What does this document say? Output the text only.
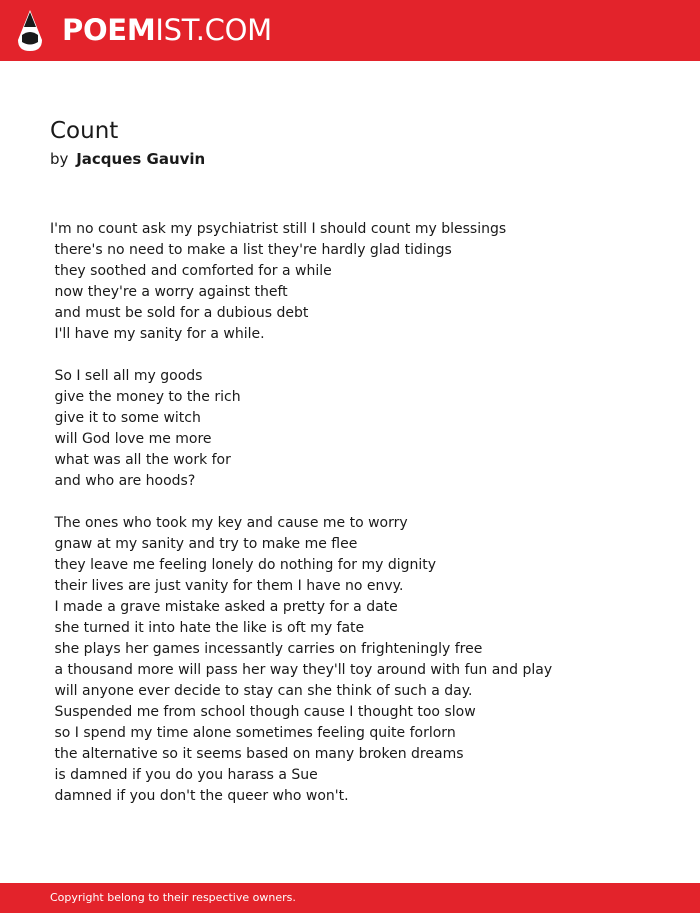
POEMIST.COM
Count
by Jacques Gauvin
I'm no count ask my psychiatrist still I should count my blessings
there's no need to make a list they're hardly glad tidings
they soothed and comforted for a while
now they're a worry against theft
and must be sold for a dubious debt
I'll have my sanity for a while.
So I sell all my goods
give the money to the rich
give it to some witch
will God love me more
what was all the work for
and who are hoods?
The ones who took my key and cause me to worry
gnaw at my sanity and try to make me flee
they leave me feeling lonely do nothing for my dignity
their lives are just vanity for them I have no envy.
I made a grave mistake asked a pretty for a date
she turned it into hate the like is oft my fate
she plays her games incessantly carries on frighteningly free
a thousand more will pass her way they'll toy around with fun and play
will anyone ever decide to stay can she think of such a day.
Suspended me from school though cause I thought too slow
so I spend my time alone sometimes feeling quite forlorn
the alternative so it seems based on many broken dreams
is damned if you do you harass a Sue
damned if you don't the queer who won't.
Copyright belong to their respective owners.
